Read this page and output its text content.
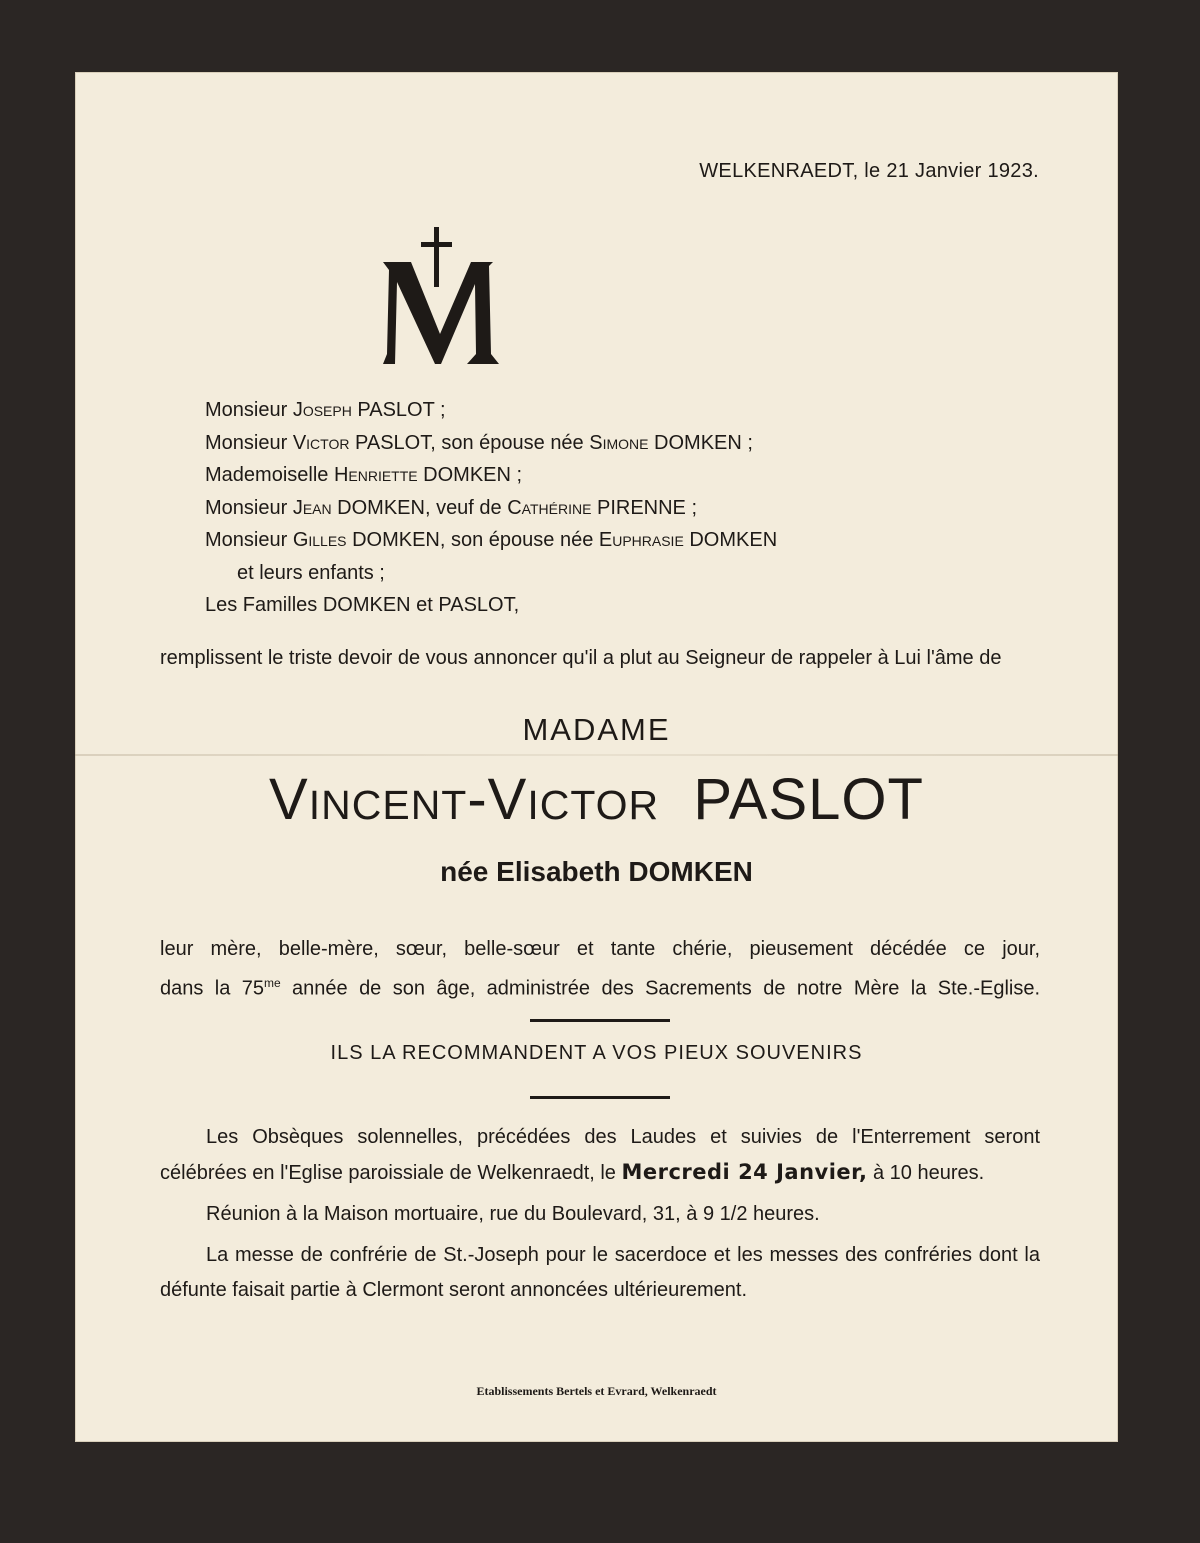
WELKENRAEDT, le 21 Janvier 1923.
Monsieur Joseph PASLOT ;
Monsieur Victor PASLOT, son épouse née Simone DOMKEN ;
Mademoiselle Henriette DOMKEN ;
Monsieur Jean DOMKEN, veuf de Cathérine PIRENNE ;
Monsieur Gilles DOMKEN, son épouse née Euphrasie DOMKEN
et leurs enfants ;
Les Familles DOMKEN et PASLOT,
remplissent le triste devoir de vous annoncer qu'il a plut au Seigneur de rappeler à Lui l'âme de
MADAME
Vincent-Victor PASLOT
née Elisabeth DOMKEN
leur mère, belle-mère, sœur, belle-sœur et tante chérie, pieusement décédée ce jour,
dans la $75^{me}$ année de son âge, administrée des Sacrements de notre Mère la Ste.-Eglise.
ILS LA RECOMMANDENT A VOS PIEUX SOUVENIRS

Les Obsèques solennelles, précédées des Laudes et suivies de l'Enterrement seront célébrées en l'Eglise paroissiale de Welkenraedt, le Mercredi 24 Janvier, à 10 heures.

Réunion à la Maison mortuaire, rue du Boulevard, 31, à 9 1/2 heures.

La messe de confrérie de St.-Joseph pour le sacerdoce et les messes des confréries dont la défunte faisait partie à Clermont seront annoncées ultérieurement.

Etablissements Bertels et Evrard, Welkenraedt
